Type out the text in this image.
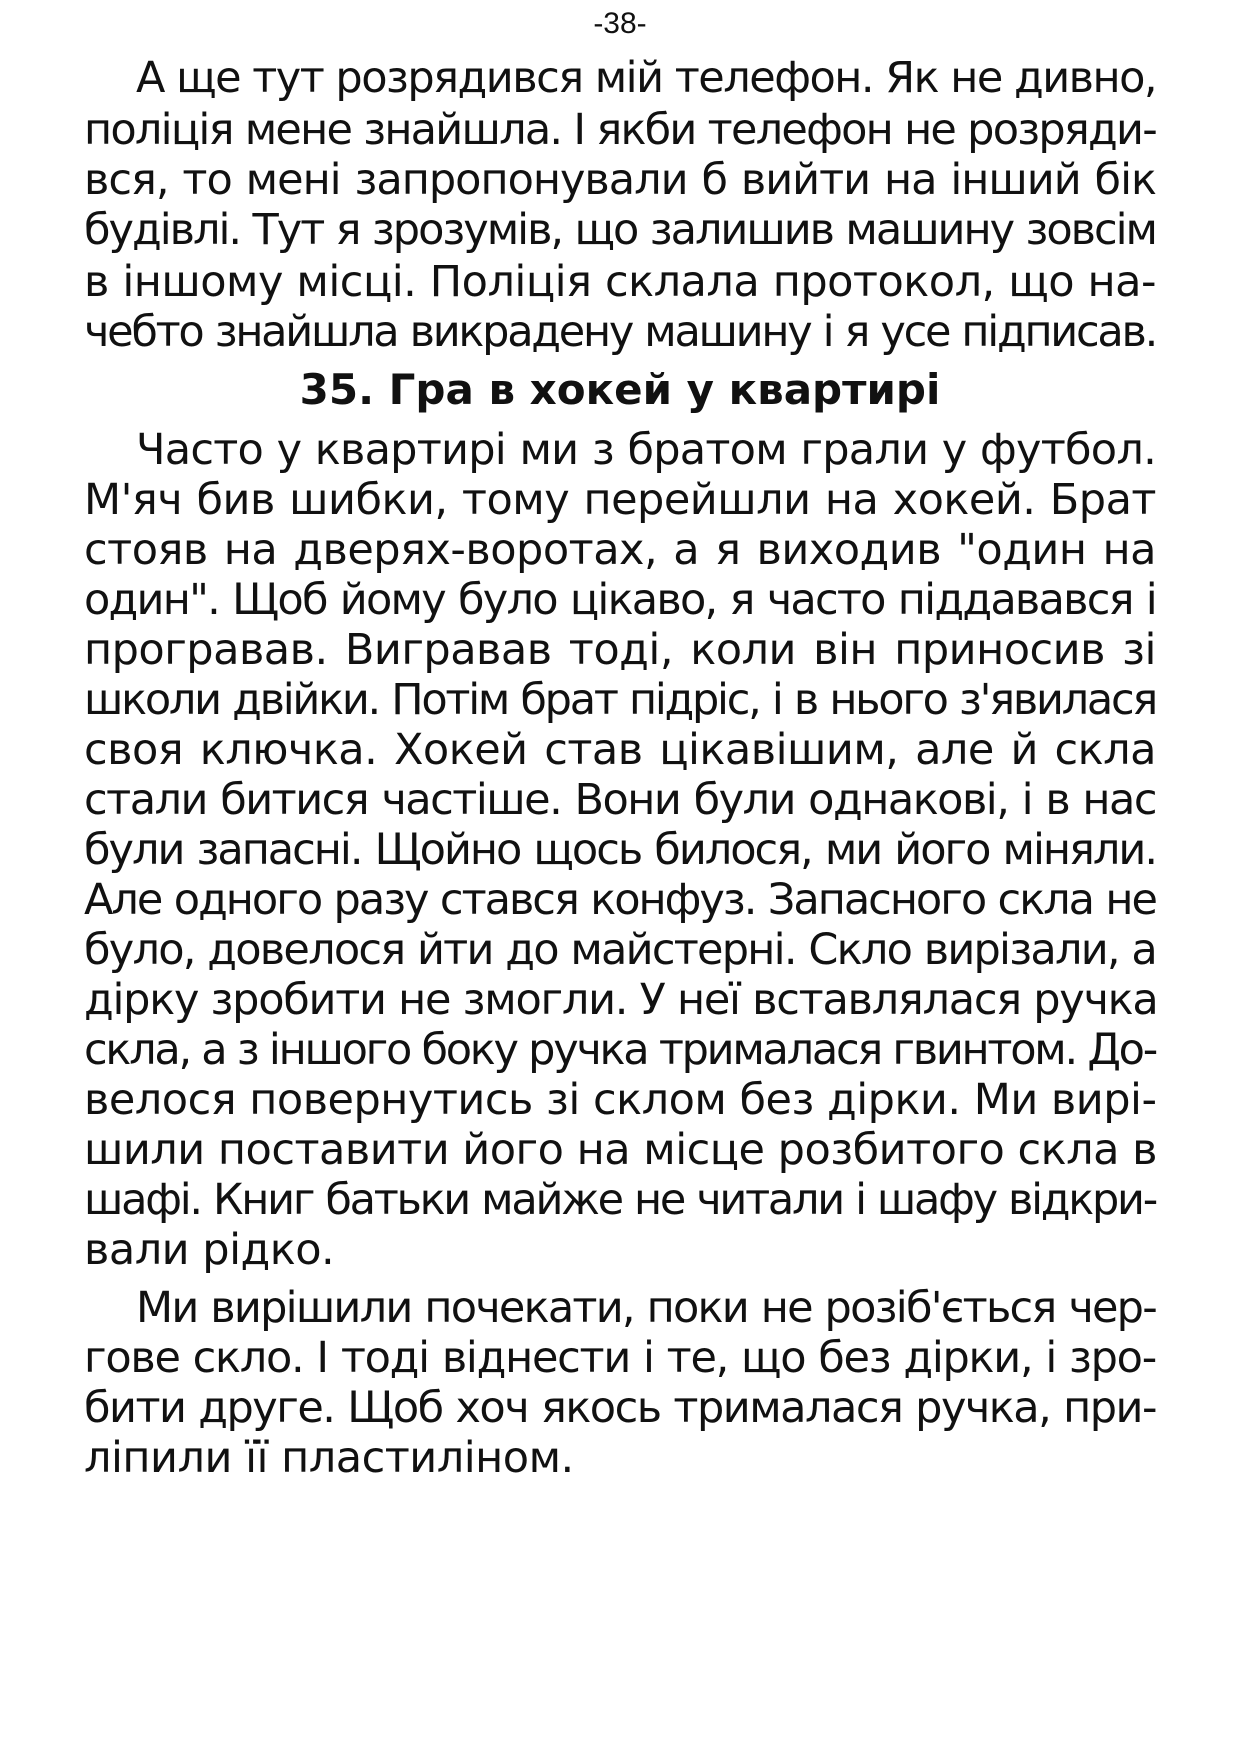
-38-
А ще тут розрядився мій телефон. Як не дивно,
поліція мене знайшла. І якби телефон не розряди-
вся, то мені запропонували б вийти на інший бік
будівлі. Тут я зрозумів, що залишив машину зовсім
в іншому місці. Поліція склала протокол, що на-
чебто знайшла викрадену машину і я усе підписав.
35. Гра в хокей у квартирі
Часто у квартирі ми з братом грали у футбол.
М'яч бив шибки, тому перейшли на хокей. Брат
стояв на дверях-воротах, а я виходив "один на
один". Щоб йому було цікаво, я часто піддавався і
програвав. Вигравав тоді, коли він приносив зі
школи двійки. Потім брат підріс, і в нього з'явилася
своя ключка. Хокей став цікавішим, але й скла
стали битися частіше. Вони були однакові, і в нас
були запасні. Щойно щось билося, ми його міняли.
Але одного разу стався конфуз. Запасного скла не
було, довелося йти до майстерні. Скло вирізали, а
дірку зробити не змогли. У неї вставлялася ручка
скла, а з іншого боку ручка трималася гвинтом. До-
велося повернутись зі склом без дірки. Ми вирі-
шили поставити його на місце розбитого скла в
шафі. Книг батьки майже не читали і шафу відкри-
вали рідко.
Ми вирішили почекати, поки не розіб'ється чер-
гове скло. І тоді віднести і те, що без дірки, і зро-
бити друге. Щоб хоч якось трималася ручка, при-
ліпили її пластиліном.
